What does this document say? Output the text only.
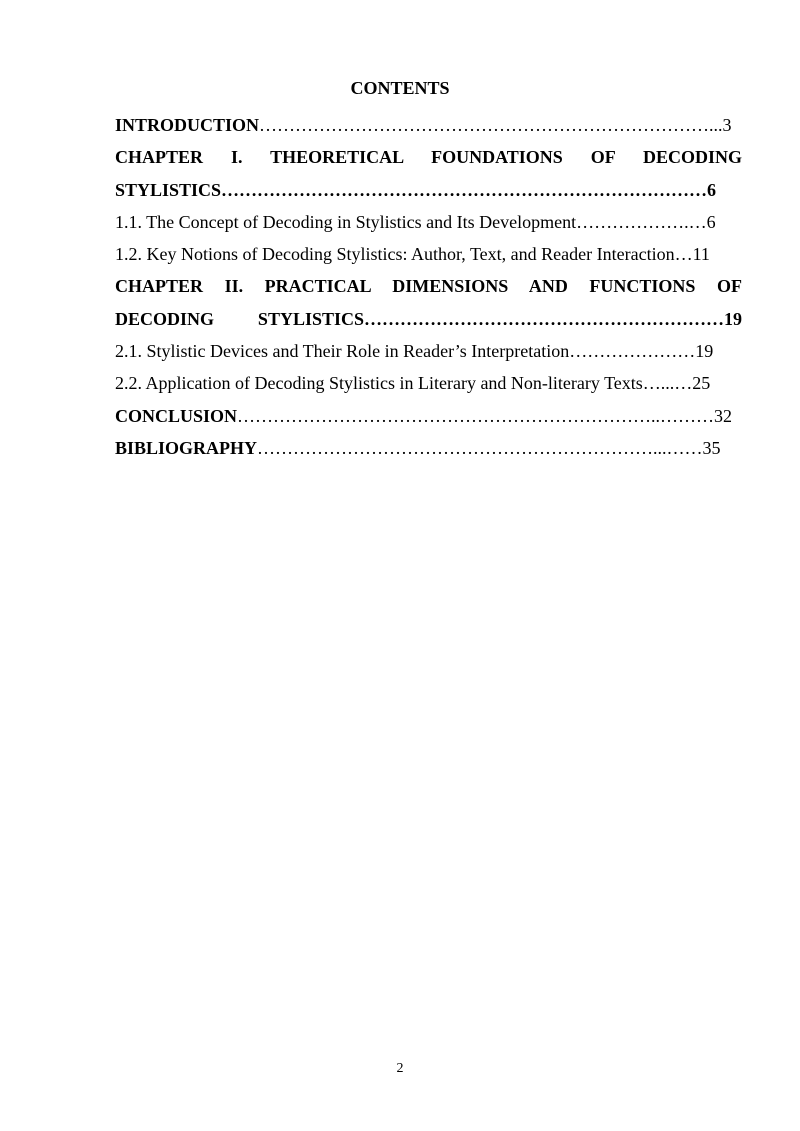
CONTENTS

INTRODUCTION…………………………………………………………………...3

CHAPTER I. THEORETICAL FOUNDATIONS OF DECODING
STYLISTICS………………………………………………………………………6

1.1. The Concept of Decoding in Stylistics and Its Development……………….…6

1.2. Key Notions of Decoding Stylistics: Author, Text, and Reader Interaction…11

CHAPTER II. PRACTICAL DIMENSIONS AND FUNCTIONS OF
DECODING STYLISTICS……………………………………………………19

2.1. Stylistic Devices and Their Role in Reader’s Interpretation…………………19

2.2. Application of Decoding Stylistics in Literary and Non-literary Texts…...…25

CONCLUSION……………………………………………………………..………32

BIBLIOGRAPHY…………………………………………………………...……35

2
